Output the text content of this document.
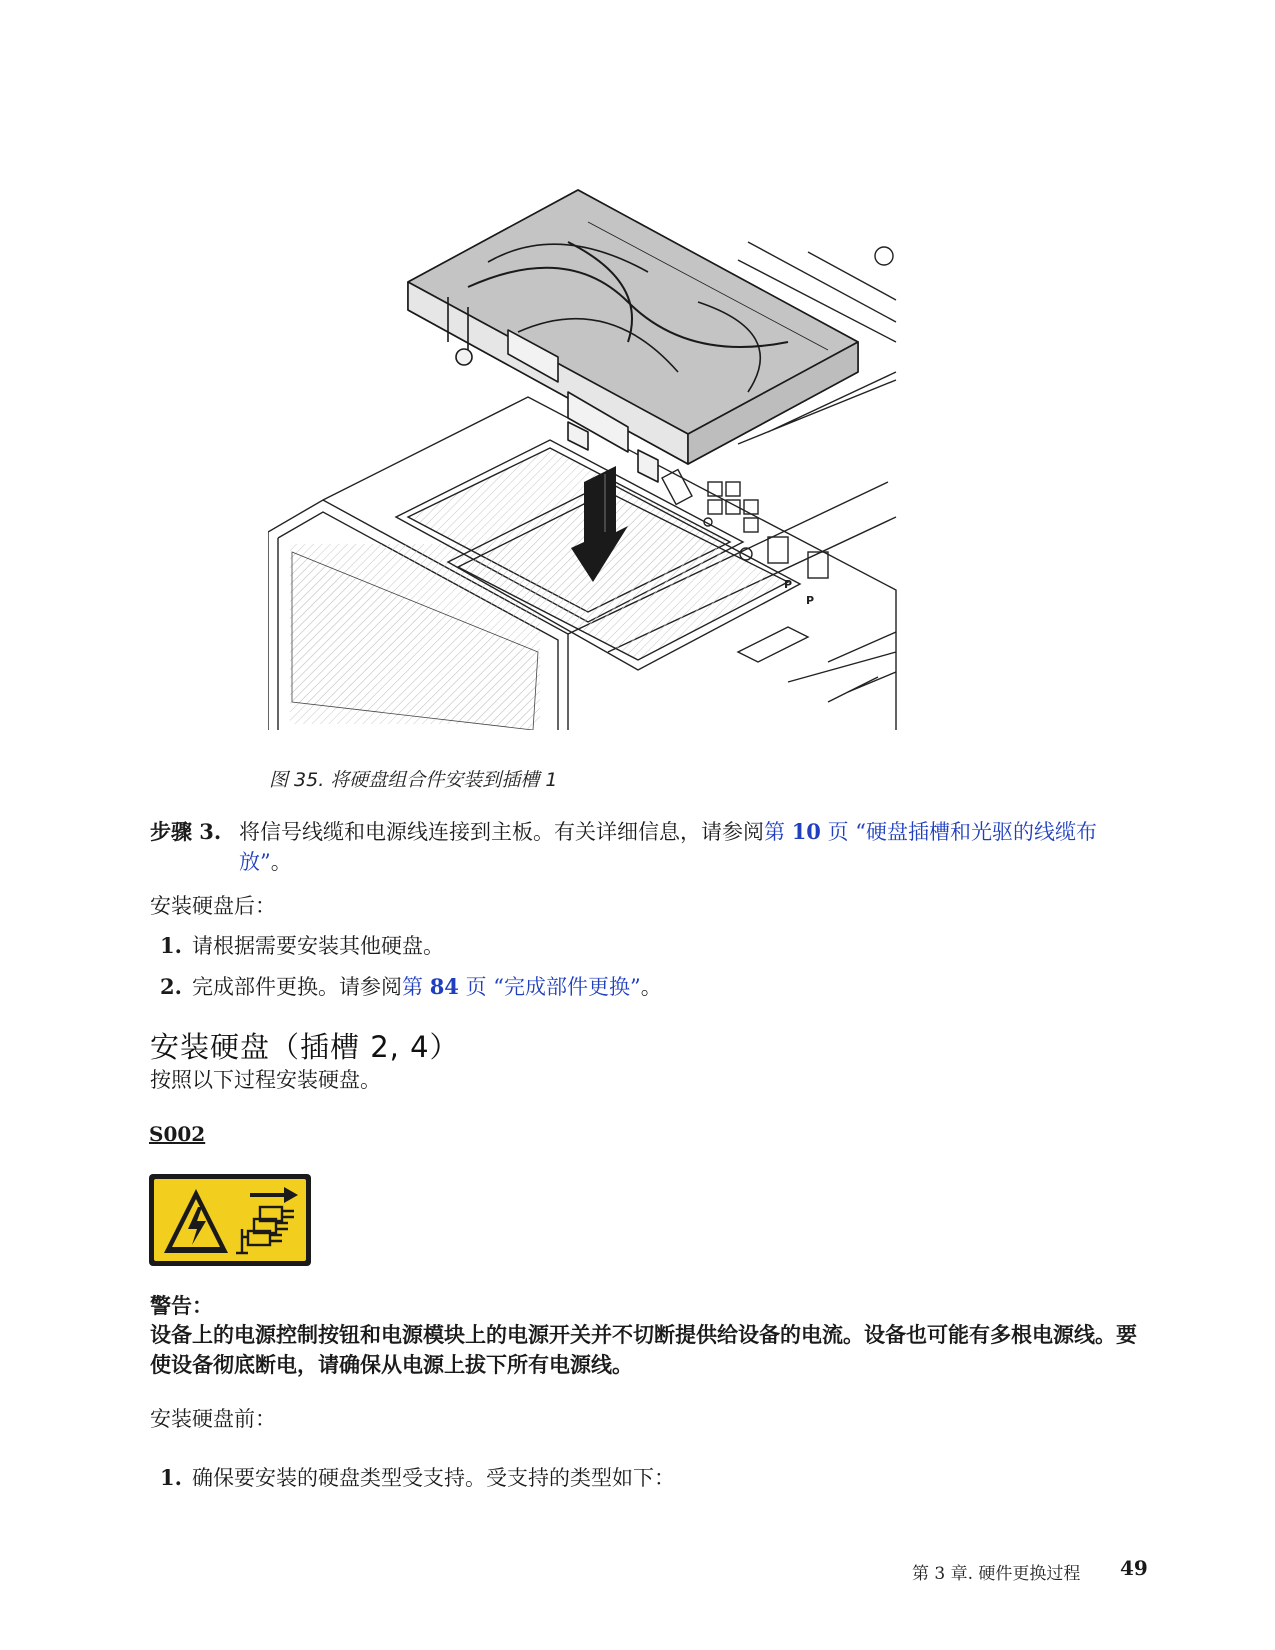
P
P
图 35. 将硬盘组合件安装到插槽 1
步骤 3. 将信号线缆和电源线连接到主板。有关详细信息，请参阅第 10 页 “硬盘插槽和光驱的线缆布放”。
安装硬盘后：
1. 请根据需要安装其他硬盘。
2. 完成部件更换。请参阅第 84 页 “完成部件更换”。
安装硬盘（插槽 2, 4）
按照以下过程安装硬盘。
S002
警告：
设备上的电源控制按钮和电源模块上的电源开关并不切断提供给设备的电流。设备也可能有多根电源线。要使设备彻底断电，请确保从电源上拔下所有电源线。
安装硬盘前：
1. 确保要安装的硬盘类型受支持。受支持的类型如下：
第 3 章. 硬件更换过程 49
